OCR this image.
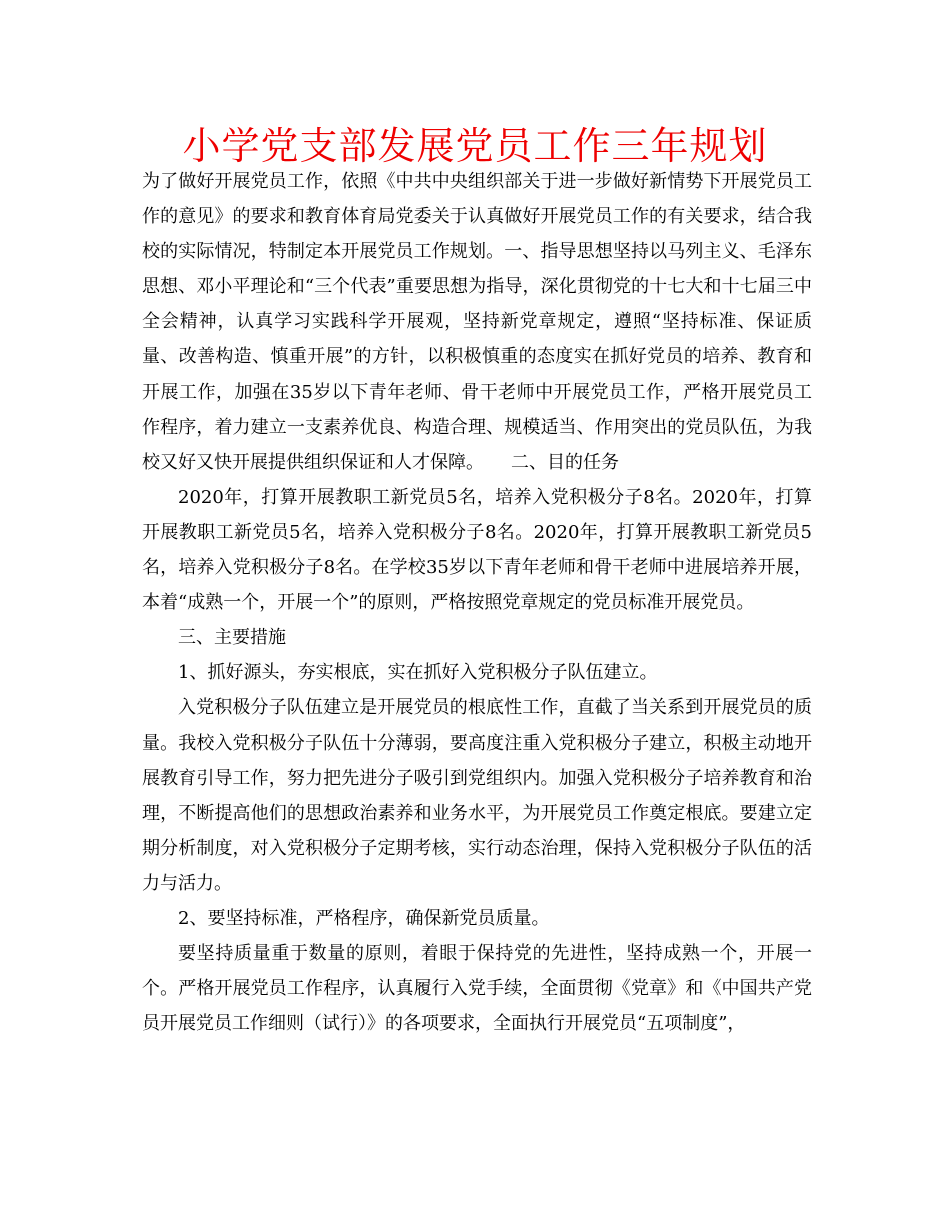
小学党支部发展党员工作三年规划

为了做好开展党员工作，依照《中共中央组织部关于进一步做好新情势下开展党员工作的意见》的要求和教育体育局党委关于认真做好开展党员工作的有关要求，结合我校的实际情况，特制定本开展党员工作规划。一、指导思想坚持以马列主义、毛泽东思想、邓小平理论和“三个代表”重要思想为指导，深化贯彻党的十七大和十七届三中全会精神，认真学习实践科学开展观，坚持新党章规定，遵照“坚持标准、保证质量、改善构造、慎重开展”的方针，以积极慎重的态度实在抓好党员的培养、教育和开展工作，加强在35岁以下青年老师、骨干老师中开展党员工作，严格开展党员工作程序，着力建立一支素养优良、构造合理、规模适当、作用突出的党员队伍，为我校又好又快开展提供组织保证和人才保障。　　二、目的任务

2020年，打算开展教职工新党员5名，培养入党积极分子8名。2020年，打算开展教职工新党员5名，培养入党积极分子8名。2020年，打算开展教职工新党员5名，培养入党积极分子8名。在学校35岁以下青年老师和骨干老师中进展培养开展，本着“成熟一个，开展一个”的原则，严格按照党章规定的党员标准开展党员。

三、主要措施

1、抓好源头，夯实根底，实在抓好入党积极分子队伍建立。

入党积极分子队伍建立是开展党员的根底性工作，直截了当关系到开展党员的质量。我校入党积极分子队伍十分薄弱，要高度注重入党积极分子建立，积极主动地开展教育引导工作，努力把先进分子吸引到党组织内。加强入党积极分子培养教育和治理，不断提高他们的思想政治素养和业务水平，为开展党员工作奠定根底。要建立定期分析制度，对入党积极分子定期考核，实行动态治理，保持入党积极分子队伍的活力与活力。

2、要坚持标准，严格程序，确保新党员质量。

要坚持质量重于数量的原则，着眼于保持党的先进性，坚持成熟一个，开展一个。严格开展党员工作程序，认真履行入党手续，全面贯彻《党章》和《中国共产党员开展党员工作细则（试行）》的各项要求，全面执行开展党员“五项制度”，
